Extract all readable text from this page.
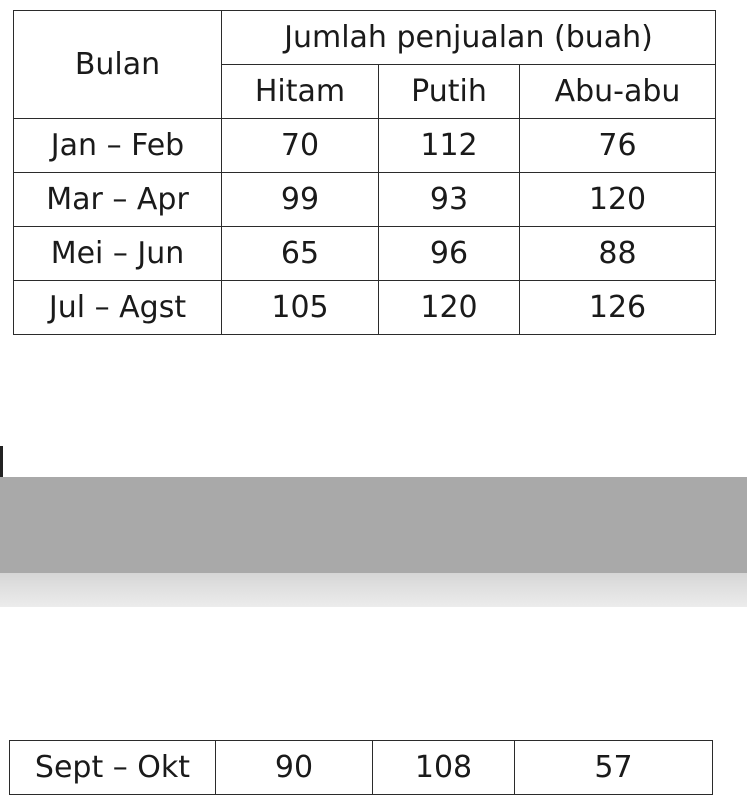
Bulan	Jumlah penjualan (buah)		
	Hitam	Putih	Abu-abu
Jan – Feb	70	112	76
Mar – Apr	99	93	120
Mei – Jun	65	96	88
Jul – Agst	105	120	126
Sept – Okt	90	108	57
